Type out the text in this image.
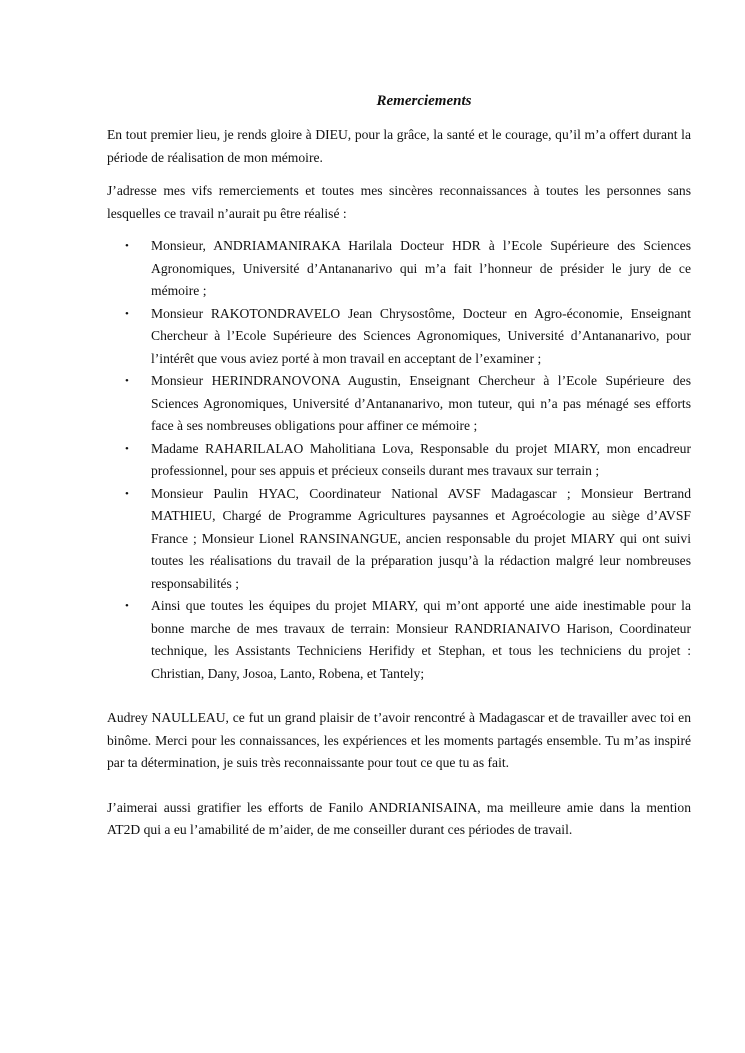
Remerciements

En tout premier lieu, je rends gloire à DIEU, pour la grâce, la santé et le courage, qu’il m’a offert durant la période de réalisation de mon mémoire.

J’adresse mes vifs remerciements et toutes mes sincères reconnaissances à toutes les personnes sans lesquelles ce travail n’aurait pu être réalisé :

• Monsieur, ANDRIAMANIRAKA Harilala Docteur HDR à l’Ecole Supérieure des Sciences Agronomiques, Université d’Antananarivo qui m’a fait l’honneur de présider le jury de ce mémoire ;
• Monsieur RAKOTONDRAVELO Jean Chrysostôme, Docteur en Agro-économie, Enseignant Chercheur à l’Ecole Supérieure des Sciences Agronomiques, Université d’Antananarivo, pour l’intérêt que vous aviez porté à mon travail en acceptant de l’examiner ;
• Monsieur HERINDRANOVONA Augustin, Enseignant Chercheur à l’Ecole Supérieure des Sciences Agronomiques, Université d’Antananarivo, mon tuteur, qui n’a pas ménagé ses efforts face à ses nombreuses obligations pour affiner ce mémoire ;
• Madame RAHARILALAO Maholitiana Lova, Responsable du projet MIARY, mon encadreur professionnel, pour ses appuis et précieux conseils durant mes travaux sur terrain ;
• Monsieur Paulin HYAC, Coordinateur National AVSF Madagascar ; Monsieur Bertrand MATHIEU, Chargé de Programme Agricultures paysannes et Agroécologie au siège d’AVSF France ; Monsieur Lionel RANSINANGUE, ancien responsable du projet MIARY qui ont suivi toutes les réalisations du travail de la préparation jusqu’à la rédaction malgré leur nombreuses responsabilités ;
• Ainsi que toutes les équipes du projet MIARY, qui m’ont apporté une aide inestimable pour la bonne marche de mes travaux de terrain: Monsieur RANDRIANAIVO Harison, Coordinateur technique, les Assistants Techniciens Herifidy et Stephan, et tous les techniciens du projet : Christian, Dany, Josoa, Lanto, Robena, et Tantely;

Audrey NAULLEAU, ce fut un grand plaisir de t’avoir rencontré à Madagascar et de travailler avec toi en binôme. Merci pour les connaissances, les expériences et les moments partagés ensemble. Tu m’as inspiré par ta détermination, je suis très reconnaissante pour tout ce que tu as fait.

J’aimerai aussi gratifier les efforts de Fanilo ANDRIANISAINA, ma meilleure amie dans la mention AT2D qui a eu l’amabilité de m’aider, de me conseiller durant ces périodes de travail.
